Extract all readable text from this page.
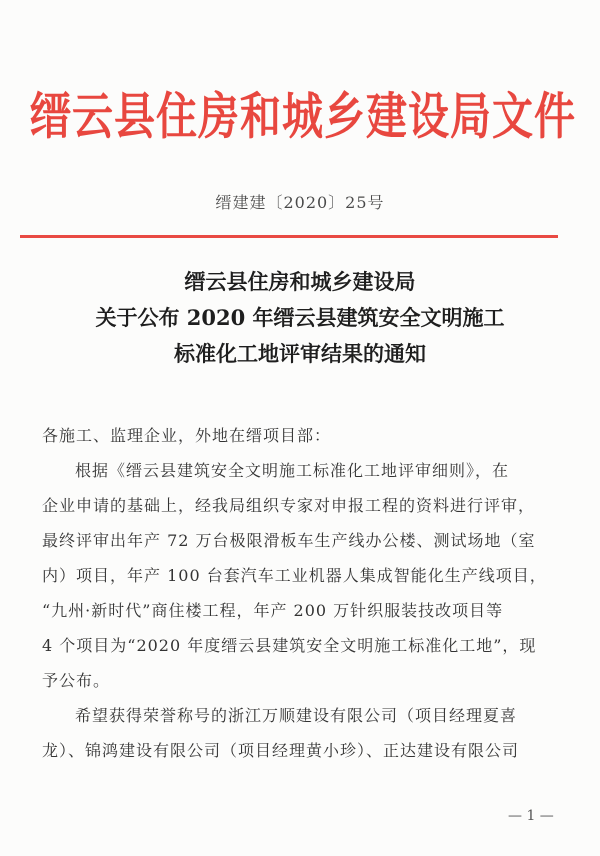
缙云县住房和城乡建设局文件
缙建建〔2020〕25号
缙云县住房和城乡建设局
关于公布 2020 年缙云县建筑安全文明施工
标准化工地评审结果的通知
各施工、监理企业，外地在缙项目部：
根据《缙云县建筑安全文明施工标准化工地评审细则》，在
企业申请的基础上，经我局组织专家对申报工程的资料进行评审，
最终评审出年产 72 万台极限滑板车生产线办公楼、测试场地（室
内）项目，年产 100 台套汽车工业机器人集成智能化生产线项目，
“九州·新时代”商住楼工程，年产 200 万针织服装技改项目等
4 个项目为“2020 年度缙云县建筑安全文明施工标准化工地”，现
予公布。
希望获得荣誉称号的浙江万顺建设有限公司（项目经理夏喜
龙）、锦鸿建设有限公司（项目经理黄小珍）、正达建设有限公司
— 1 —
